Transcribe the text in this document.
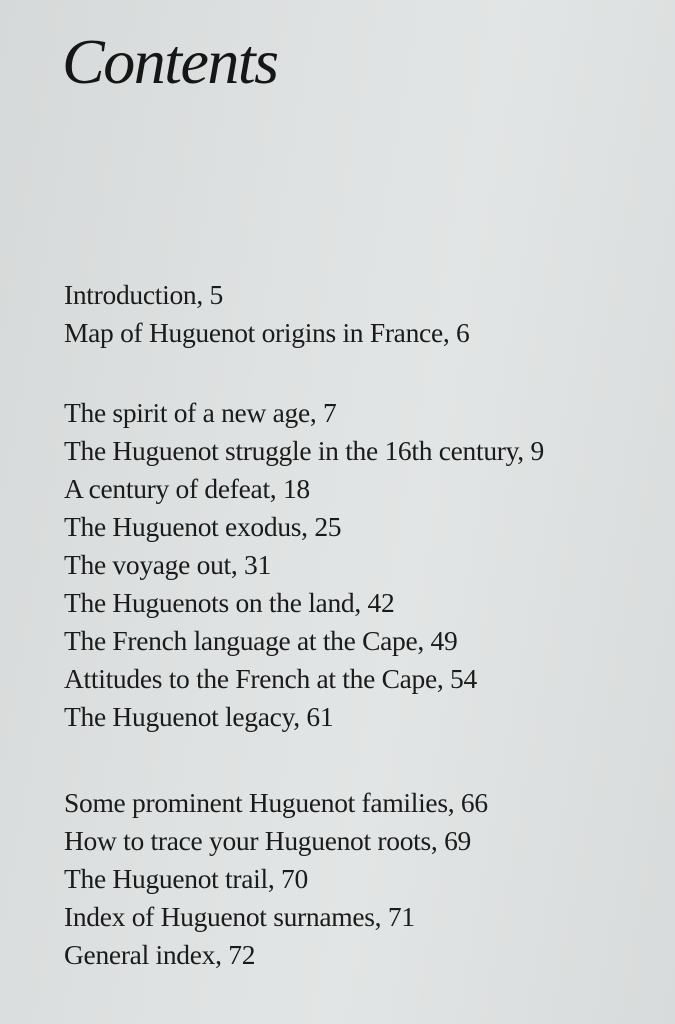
Contents
Introduction, 5
Map of Huguenot origins in France, 6
The spirit of a new age, 7
The Huguenot struggle in the 16th century, 9
A century of defeat, 18
The Huguenot exodus, 25
The voyage out, 31
The Huguenots on the land, 42
The French language at the Cape, 49
Attitudes to the French at the Cape, 54
The Huguenot legacy, 61
Some prominent Huguenot families, 66
How to trace your Huguenot roots, 69
The Huguenot trail, 70
Index of Huguenot surnames, 71
General index, 72
